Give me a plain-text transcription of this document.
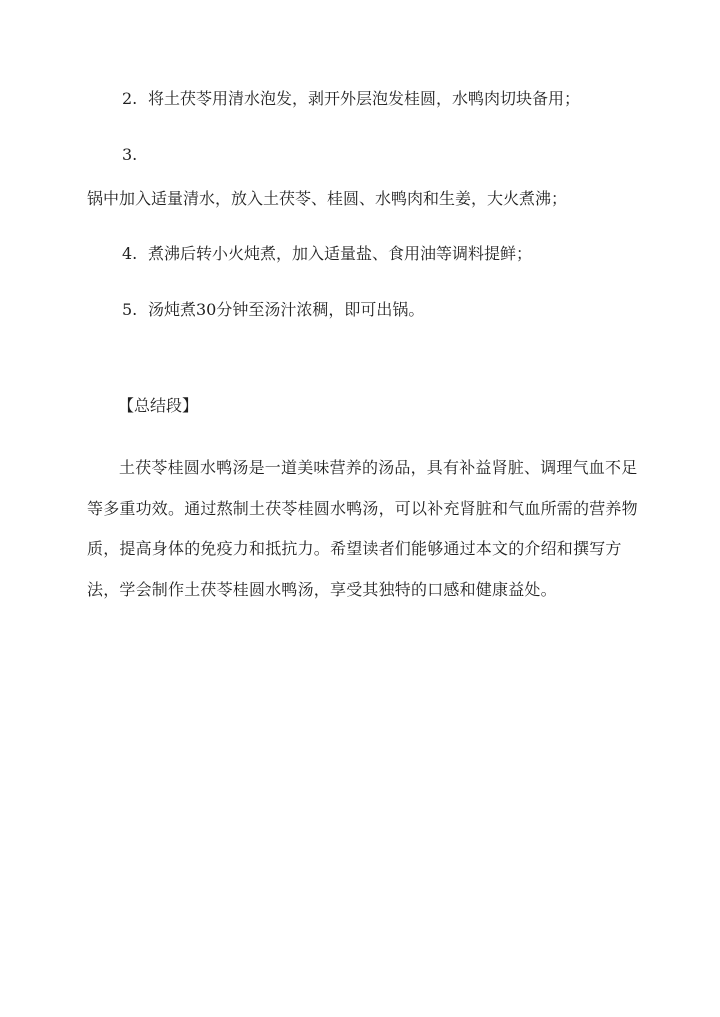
2. 将土茯苓用清水泡发，剥开外层泡发桂圆，水鸭肉切块备用；

3.

锅中加入适量清水，放入土茯苓、桂圆、水鸭肉和生姜，大火煮沸；

4. 煮沸后转小火炖煮，加入适量盐、食用油等调料提鲜；

5. 汤炖煮30分钟至汤汁浓稠，即可出锅。

【总结段】

土茯苓桂圆水鸭汤是一道美味营养的汤品，具有补益肾脏、调理气血不足等多重功效。通过熬制土茯苓桂圆水鸭汤，可以补充肾脏和气血所需的营养物质，提高身体的免疫力和抵抗力。希望读者们能够通过本文的介绍和撰写方法，学会制作土茯苓桂圆水鸭汤，享受其独特的口感和健康益处。
